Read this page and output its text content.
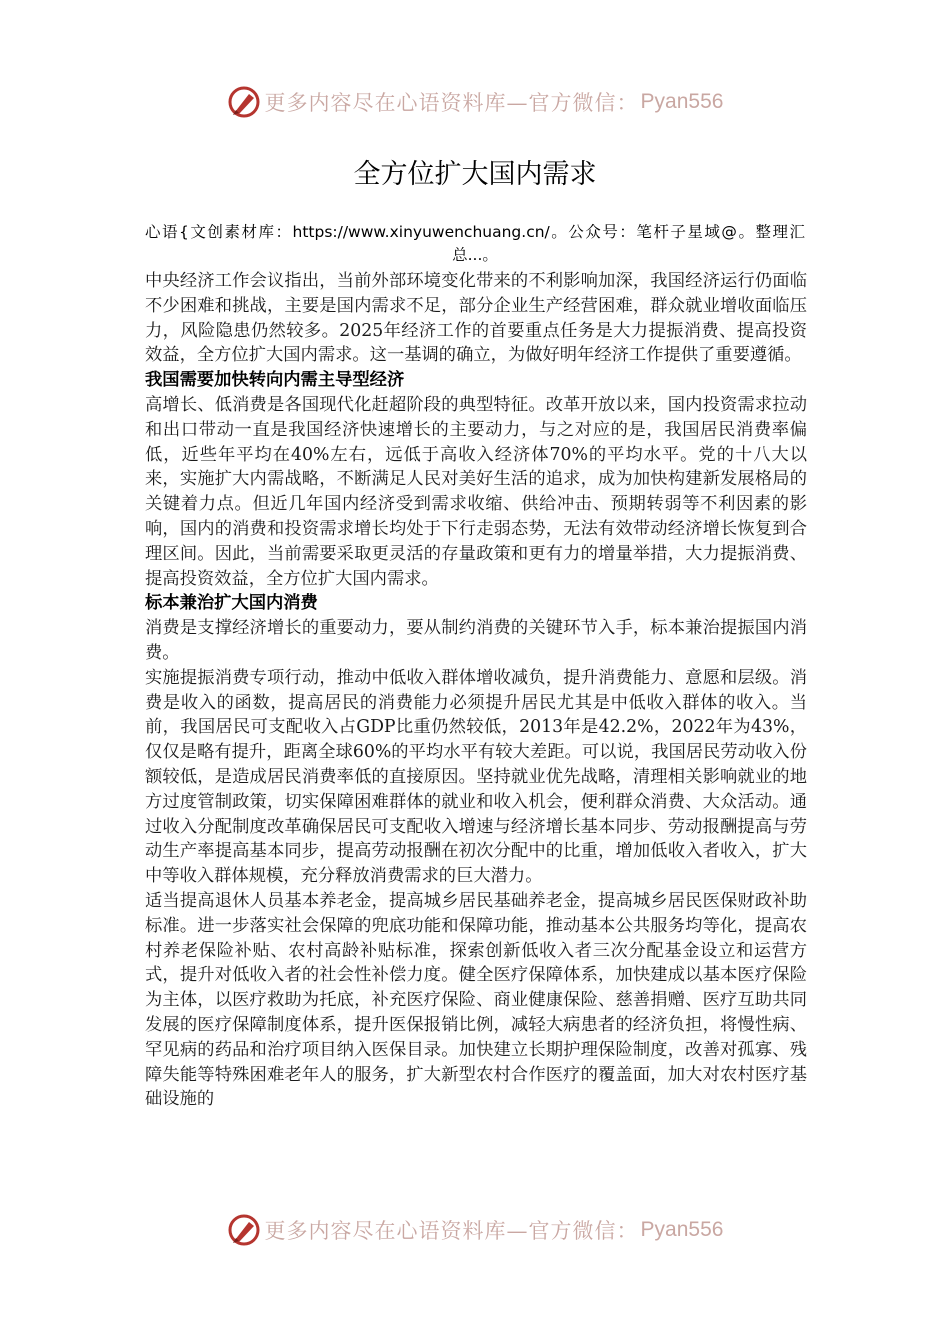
更多内容尽在心语资料库—官方微信： Pyan556
全方位扩大国内需求
心语{文创素材库：https://www.xinyuwenchuang.cn/。公众号：笔杆子星域@。整理汇总...。

中央经济工作会议指出，当前外部环境变化带来的不利影响加深，我国经济运行仍面临不少困难和挑战，主要是国内需求不足，部分企业生产经营困难，群众就业增收面临压力，风险隐患仍然较多。2025年经济工作的首要重点任务是大力提振消费、提高投资效益，全方位扩大国内需求。这一基调的确立，为做好明年经济工作提供了重要遵循。

我国需要加快转向内需主导型经济

高增长、低消费是各国现代化赶超阶段的典型特征。改革开放以来，国内投资需求拉动和出口带动一直是我国经济快速增长的主要动力，与之对应的是，我国居民消费率偏低，近些年平均在40%左右，远低于高收入经济体70%的平均水平。党的十八大以来，实施扩大内需战略，不断满足人民对美好生活的追求，成为加快构建新发展格局的关键着力点。但近几年国内经济受到需求收缩、供给冲击、预期转弱等不利因素的影响，国内的消费和投资需求增长均处于下行走弱态势，无法有效带动经济增长恢复到合理区间。因此，当前需要采取更灵活的存量政策和更有力的增量举措，大力提振消费、提高投资效益，全方位扩大国内需求。

标本兼治扩大国内消费

消费是支撑经济增长的重要动力，要从制约消费的关键环节入手，标本兼治提振国内消费。

实施提振消费专项行动，推动中低收入群体增收减负，提升消费能力、意愿和层级。消费是收入的函数，提高居民的消费能力必须提升居民尤其是中低收入群体的收入。当前，我国居民可支配收入占GDP比重仍然较低，2013年是42.2%，2022年为43%，仅仅是略有提升，距离全球60%的平均水平有较大差距。可以说，我国居民劳动收入份额较低，是造成居民消费率低的直接原因。坚持就业优先战略，清理相关影响就业的地方过度管制政策，切实保障困难群体的就业和收入机会，便利群众消费、大众活动。通过收入分配制度改革确保居民可支配收入增速与经济增长基本同步、劳动报酬提高与劳动生产率提高基本同步，提高劳动报酬在初次分配中的比重，增加低收入者收入，扩大中等收入群体规模，充分释放消费需求的巨大潜力。

适当提高退休人员基本养老金，提高城乡居民基础养老金，提高城乡居民医保财政补助标准。进一步落实社会保障的兜底功能和保障功能，推动基本公共服务均等化，提高农村养老保险补贴、农村高龄补贴标准，探索创新低收入者三次分配基金设立和运营方式，提升对低收入者的社会性补偿力度。健全医疗保障体系，加快建成以基本医疗保险为主体，以医疗救助为托底，补充医疗保险、商业健康保险、慈善捐赠、医疗互助共同发展的医疗保障制度体系，提升医保报销比例，减轻大病患者的经济负担，将慢性病、罕见病的药品和治疗项目纳入医保目录。加快建立长期护理保险制度，改善对孤寡、残障失能等特殊困难老年人的服务，扩大新型农村合作医疗的覆盖面，加大对农村医疗基础设施的

更多内容尽在心语资料库—官方微信： Pyan556
